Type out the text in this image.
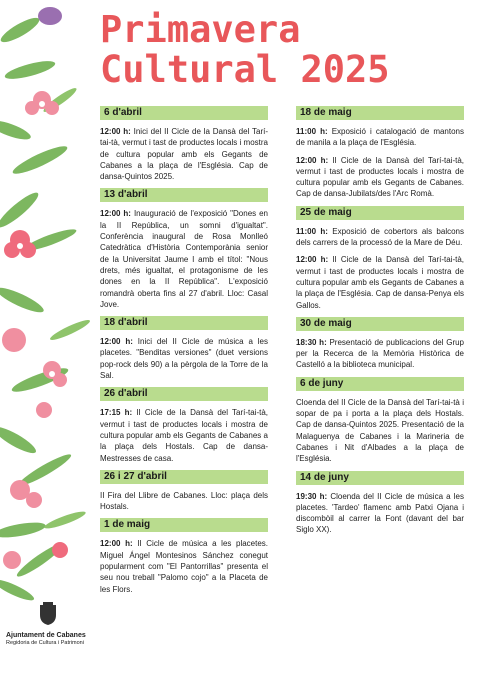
Primavera
Cultural 2025
6 d'abril

12:00 h: Inici del II Cicle de la Dansà del Tarí-tai-tà, vermut i tast de productes locals i mostra de cultura popular amb els Gegants de Cabanes a la plaça de l'Església. Cap de dansa-Quintos 2025.

13 d'abril

12:00 h: Inauguració de l'exposició "Dones en la II República, un somni d'igualtat". Conferència inaugural de Rosa Monlleó Catedràtica d'Història Contemporània senior de la Universitat Jaume I amb el títol: "Nous drets, més igualtat, el protagonisme de les dones en la II República". L'exposició romandrà oberta fins al 27 d'abril. Lloc: Casal Jove.

18 d'abril

12:00 h: Inici del II Cicle de música a les placetes. "Benditas versiones" (duet versions pop-rock dels 90) a la pèrgola de la Torre de la Sal.

26 d'abril

17:15 h: II Cicle de la Dansà del Tarí-tai-tà, vermut i tast de productes locals i mostra de cultura popular amb els Gegants de Cabanes a la plaça dels Hostals. Cap de dansa-Mestresses de casa.

26 i 27 d'abril

II Fira del Llibre de Cabanes. Lloc: plaça dels Hostals.

1 de maig

12:00 h: II Cicle de música a les placetes. Miguel Ángel Montesinos Sánchez conegut popularment com "El Pantorrillas" presenta el seu nou treball "Palomo cojo" a la Placeta de les Flors.

18 de maig

11:00 h: Exposició i catalogació de mantons de manila a la plaça de l'Església.

12:00 h: II Cicle de la Dansà del Tarí-tai-tà, vermut i tast de productes locals i mostra de cultura popular amb els Gegants de Cabanes. Cap de dansa-Jubilats/des l'Arc Romà.

25 de maig

11:00 h: Exposició de cobertors als balcons dels carrers de la processó de la Mare de Déu.

12:00 h: II Cicle de la Dansà del Tarí-tai-tà, vermut i tast de productes locals i mostra de cultura popular amb els Gegants de Cabanes a la plaça de l'Església. Cap de dansa-Penya els Gallos.

30 de maig

18:30 h: Presentació de publicacions del Grup per la Recerca de la Memòria Històrica de Castelló a la biblioteca municipal.

6 de juny

Cloenda del II Cicle de la Dansà del Tarí-tai-tà i sopar de pa i porta a la plaça dels Hostals. Cap de dansa-Quintos 2025. Presentació de la Malaguenya de Cabanes i la Marineria de Cabanes i Nit d'Albades a la plaça de l'Església.

14 de juny

19:30 h: Cloenda del II Cicle de música a les placetes. 'Tardeo' flamenc amb Patxi Ojana i discombòil al carrer la Font (davant del bar Siglo XX).

Ajuntament de Cabanes
Regidoria de Cultura i Patrimoni
